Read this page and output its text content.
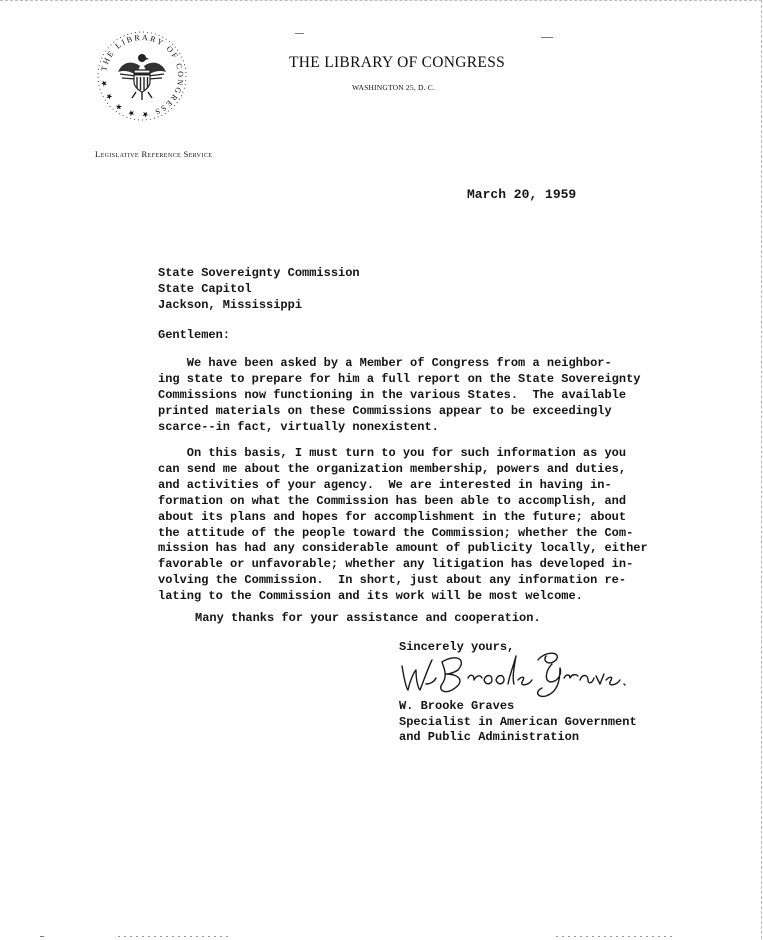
THE LIBRARY OF CONGRESS ★ ★ ★ ★ ★
THE LIBRARY OF CONGRESS
WASHINGTON 25, D. C.
Legislative Reference Service
March 20, 1959
State Sovereignty Commission
State Capitol
Jackson, Mississippi
Gentlemen:
We have been asked by a Member of Congress from a neighbor-
ing state to prepare for him a full report on the State Sovereignty
Commissions now functioning in the various States.  The available
printed materials on these Commissions appear to be exceedingly
scarce--in fact, virtually nonexistent.
On this basis, I must turn to you for such information as you
can send me about the organization membership, powers and duties,
and activities of your agency.  We are interested in having in-
formation on what the Commission has been able to accomplish, and
about its plans and hopes for accomplishment in the future; about
the attitude of the people toward the Commission; whether the Com-
mission has had any considerable amount of publicity locally, either
favorable or unfavorable; whether any litigation has developed in-
volving the Commission.  In short, just about any information re-
lating to the Commission and its work will be most welcome.
Many thanks for your assistance and cooperation.
Sincerely yours,
W. Brooke Graves
Specialist in American Government
and Public Administration
